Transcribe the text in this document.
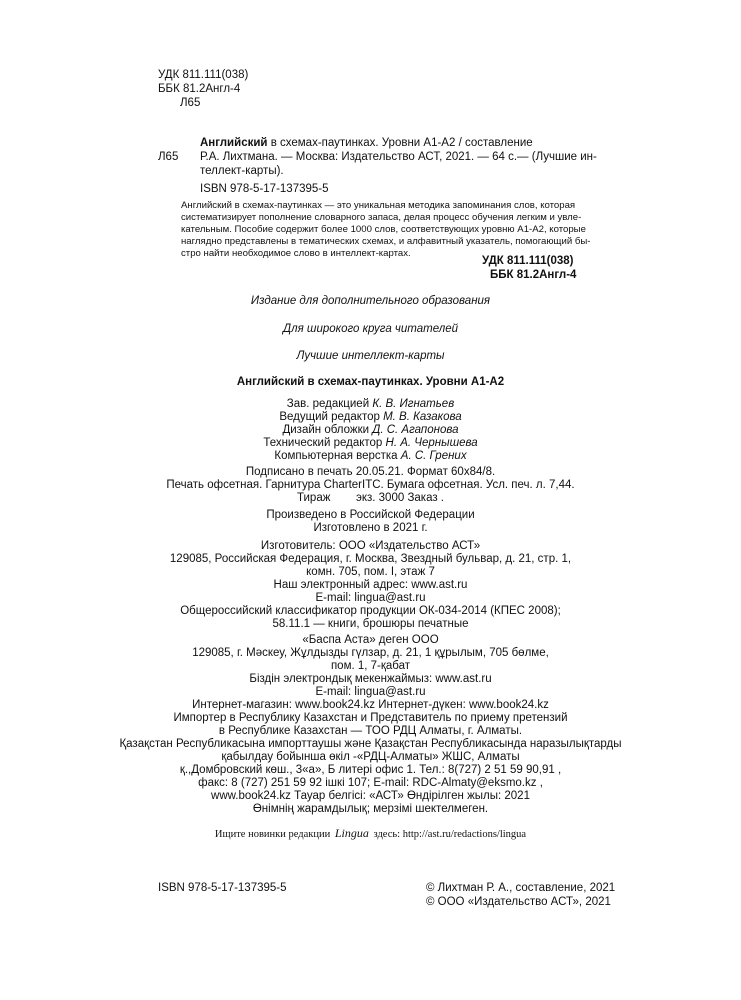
УДК 811.111(038)
ББК 81.2Англ-4
Л65
Л65
Английский в схемах-паутинках. Уровни А1-А2 / составление
Р.А. Лихтмана. — Москва: Издательство АСТ, 2021. — 64 с.— (Лучшие ин-
теллект-карты).
ISBN 978-5-17-137395-5

Английский в схемах-паутинках — это уникальная методика запоминания слов, которая

систематизирует пополнение словарного запаса, делая процесс обучения легким и увле-

кательным. Пособие содержит более 1000 слов, соответствующих уровню А1-А2, которые

наглядно представлены в тематических схемах, и алфавитный указатель, помогающий бы-

стро найти необходимое слово в интеллект-картах.

УДК 811.111(038)
ББК 81.2Англ-4
Издание для дополнительного образования
Для широкого круга читателей
Лучшие интеллект-карты
Английский в схемах-паутинках. Уровни А1-А2
Зав. редакцией К. В. Игнатьев
Ведущий редактор М. В. Казакова
Дизайн обложки Д. С. Агапонова
Технический редактор Н. А. Чернышева
Компьютерная верстка А. С. Грених
Подписано в печать 20.05.21. Формат 60х84/8.
Печать офсетная. Гарнитура CharterITC. Бумага офсетная. Усл. печ. л. 7,44.
Тираж        экз. 3000 Заказ .
Произведено в Российской Федерации
Изготовлено в 2021 г.
Изготовитель: ООО «Издательство АСТ»
129085, Российская Федерация, г. Москва, Звездный бульвар, д. 21, стр. 1,
комн. 705, пом. I, этаж 7
Наш электронный адрес: www.ast.ru
E-mail: lingua@ast.ru
Общероссийский классификатор продукции ОК-034-2014 (КПЕС 2008);
58.11.1 — книги, брошюры печатные
«Баспа Аста» деген ООО
129085, г. Мәскеу, Жұлдызды гүлзар, д. 21, 1 құрылым, 705 бөлме,
пом. 1, 7-қабат
Біздін электрондық мекенжаймыз: www.ast.ru
E-mail: lingua@ast.ru
Интернет-магазин: www.book24.kz Интернет-дүкен: www.book24.kz
Импортер в Республику Казахстан и Представитель по приему претензий
в Республике Казахстан — ТОО РДЦ Алматы, г. Алматы.
Қазақстан Республикасына импорттаушы және Қазақстан Республикасында наразылықтарды
қабылдау бойынша өкіл -«РДЦ-Алматы» ЖШС, Алматы
қ.,Домбровский көш., 3«а», Б литері офис 1. Тел.: 8(727) 2 51 59 90,91 ,
факс: 8 (727) 251 59 92 ішкі 107; E-mail: RDC-Almaty@eksmo.kz ,
www.book24.kz Тауар белгісі: «АСТ» Өндірілген жылы: 2021
Өнімнің жарамдылық; мерзімі шектелмеген.
Ищите новинки редакции Lingua здесь: http://ast.ru/redactions/lingua
ISBN 978-5-17-137395-5	© Лихтман Р. А., составление, 2021
© ООО «Издательство АСТ», 2021
